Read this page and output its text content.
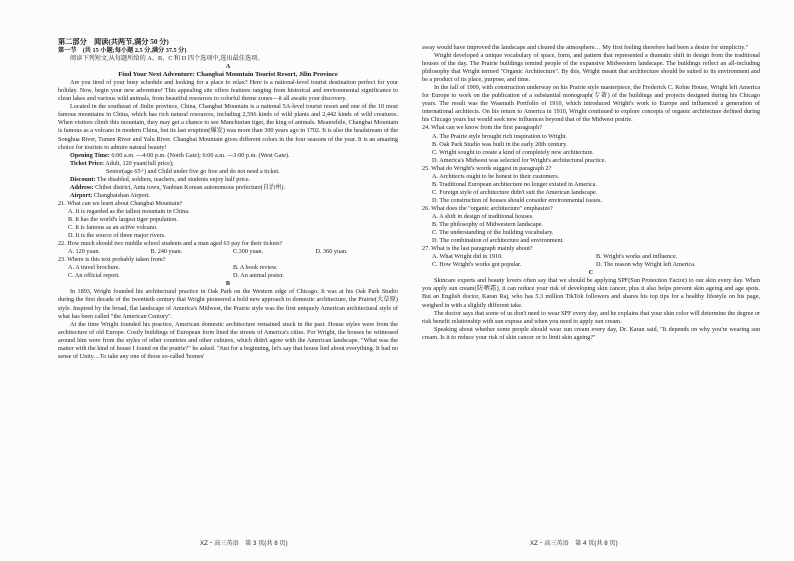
第二部分　阅读(共两节,满分 50 分)

第一节　(共 15 小题;每小题 2.5 分,满分 37.5 分)

阅读下列短文,从每题所给的 A、B、C 和 D 四个选项中,选出最佳选项。

A

Find Your Next Adventure: Changbai Mountain Tourist Resort, Jilin Province

Are you tired of your busy schedule and looking for a place to relax? Here is a national-level tourist destination perfect for your holiday. Now, begin your new adventure! This appealing site offers features ranging from historical and environmental significance to clean lakes and various wild animals, from beautiful resources to colorful theme zones—it all awaits your discovery.

Located in the southeast of Jinlin province, China, Changbai Mountain is a national 5A-level tourist resort and one of the 10 most famous mountains in China, which has rich natural resources, including 2,596 kinds of wild plants and 2,442 kinds of wild creatures. When visitors climb this mountain, they may get a chance to see Manchurian tiger, the king of animals. Meanwhile, Changbai Mountain is famous as a volcano in modern China, but its last eruption(爆发) was more than 300 years ago in 1702. It is also the headstream of the Songhua River, Tumen River and Yalu River. Changbai Mountain gives different colors in the four seasons of the year. It is an amazing choice for tourists to admire natural beauty!

Opening Time: 6:00 a.m. —4:00 p.m. (North Gate); 6:00 a.m. —3:00 p.m. (West Gate).

Ticket Price: Adult, 120 yuan(full price);

Senior(age 65+) and Child under five go free and do not need a ticket.

Discount: The disabled, soldiers, teachers, and students enjoy half price.

Address: Chibei district, Antu town, Yanbian Korean autonomous prefecture(自治州).

Airport: Changbaishan Airport.

21. What can we learn about Changbai Mountain?

A. It is regarded as the tallest mountain in China.

B. It has the world's largest tiger population.

C. It is famous as an active volcano.

D. It is the source of three major rivers.

22. How much should two middle school students and a man aged 63 pay for their tickets?

A. 120 yuan.	B. 240 yuan.	C.300 yuan.	D. 360 yuan.

23. Where is this text probably taken from?

A. A travel brochure.	B. A book review.
C. An official report.	D. An animal poster.

B

In 1893, Wright founded his architectural practice in Oak Park on the Western edge of Chicago. It was at his Oak Park Studio during the first decade of the twentieth century that Wright pioneered a bold new approach to domestic architecture, the Prairie(大草原) style. Inspired by the broad, flat landscape of America's Midwest, the Prairie style was the first uniquely American architectural style of what has been called "the American Century".

At the time Wright founded his practice, American domestic architecture remained stuck in the past. House styles were from the architecture of old Europe. Costly buildings of European form lined the streets of America's cities. For Wright, the houses he witnessed around him were from the styles of other countries and other cultures, which didn't agree with the American landscape. "What was the matter with the kind of house I found on the prairie?" he asked. "Just for a beginning, let's say that house lied about everything. It had no sense of Unity…To take any one of those so-called 'homes'

away would have improved the landscape and cleared the atmosphere… My first feeling therefore had been a desire for simplicity."

Wright developed a unique vocabulary of space, form, and pattern that represented a dramatic shift in design from the traditional houses of the day. The Prairie buildings remind people of the expansive Midwestern landscape. The buildings reflect an all-including philosophy that Wright termed "Organic Architecture". By this, Wright meant that architecture should be suited to its environment and be a product of its place, purpose, and time.

In the fall of 1909, with construction underway on his Prairie style masterpiece, the Frederick C. Robie House, Wright left America for Europe to work on the publication of a substantial monograph(专著) of the buildings and projects designed during his Chicago years. The result was the Wasmuth Portfolio of 1910, which introduced Wright's work to Europe and influenced a generation of international architects. On his return to America in 1910, Wright continued to explore concepts of organic architecture defined during his Chicago years but would seek new influences beyond that of the Midwest prairie.

24. What can we know from the first paragraph?

A. The Prairie style brought rich inspiration to Wright.

B. Oak Park Studio was built in the early 20th century.

C. Wright sought to create a kind of completely new architecture.

D. America's Midwest was selected for Wright's architectural practice.

25. What do Wright's words suggest in paragraph 2?

A. Architects ought to be honest to their customers.

B. Traditional European architecture no longer existed in America.

C. Foreign style of architecture didn't suit the American landscape.

D. The construction of houses should consider environmental issues.

26. What does the "organic architecture" emphasize?

A. A shift in design of traditional houses.

B. The philosophy of Midwestern landscape.

C. The understanding of the building vocabulary.

D. The combination of architecture and environment.

27. What is the last paragraph mainly about?

A. What Wright did in 1910.	B. Wright's works and influence.
C. How Wright's works got popular.	D. The reason why Wright left America.

C

Skincare experts and beauty lovers often say that we should be applying SPF(Sun Protection Factor) to our skin every day. When you apply sun cream(防晒霜), it can reduce your risk of developing skin cancer, plus it also helps prevent skin ageing and age spots. But an English doctor, Karan Raj, who has 5.3 million TikTok followers and shares his top tips for a healthy lifestyle on his page, weighed in with a slightly different take.

The doctor says that some of us don't need to wear SPF every day, and he explains that your skin color will determine the degree or risk benefit relationship with sun expose and when you need to apply sun cream.

Speaking about whether some people should wear sun cream every day, Dr. Karan said, "It depends on why you're wearing sun cream. Is it to reduce your risk of skin cancer or to limit skin ageing?"

XZ・高三英语　第 3 页(共 8 页)	XZ・高三英语　第 4 页(共 8 页)
